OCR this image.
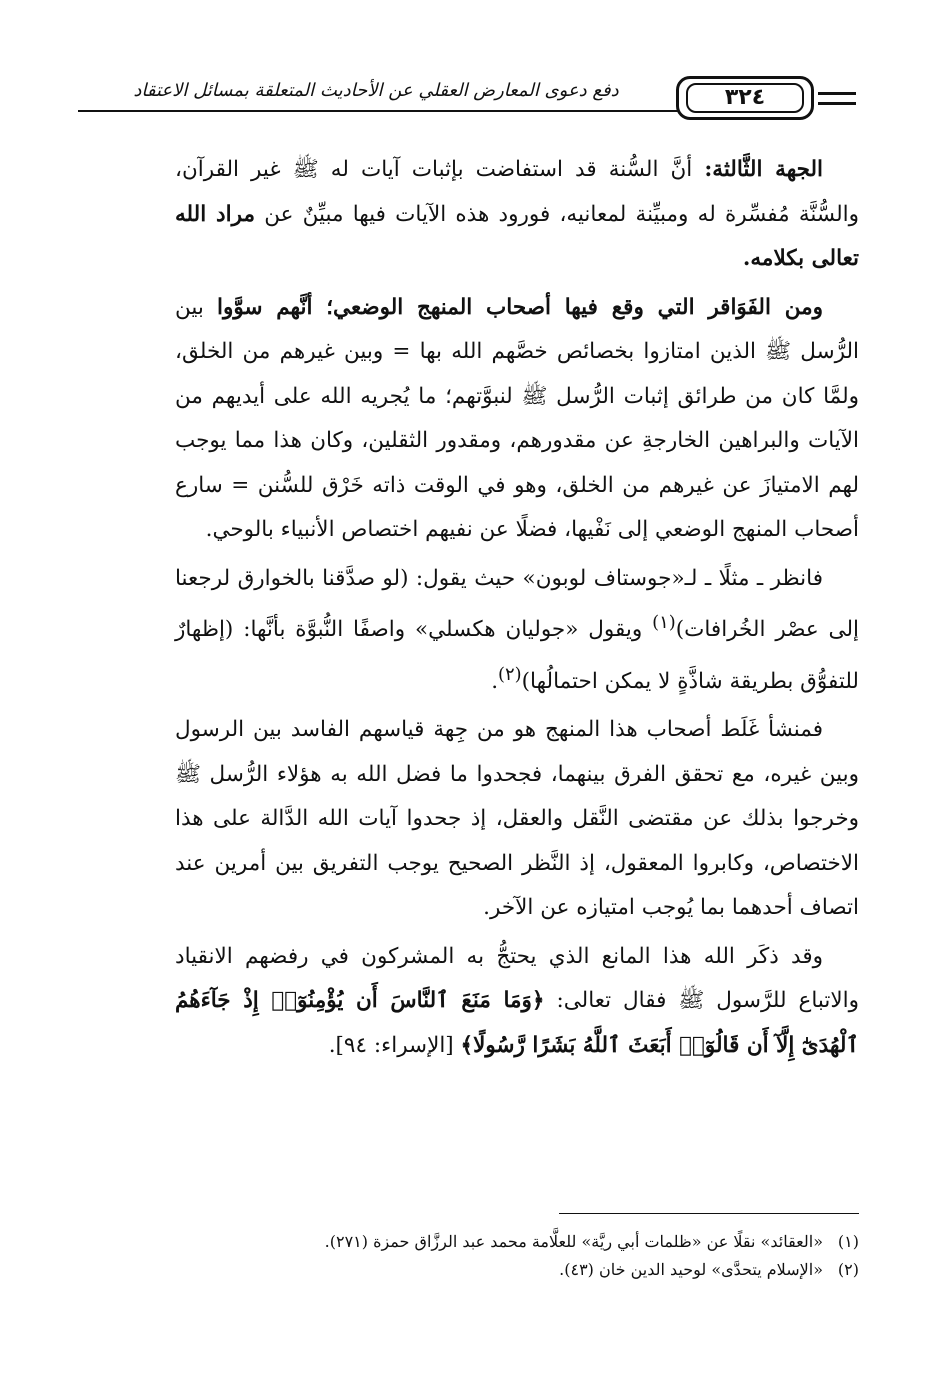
٣٢٤
دفع دعوى المعارض العقلي عن الأحاديث المتعلقة بمسائل الاعتقاد

الجهة الثَّالثة: أنَّ السُّنة قد استفاضت بإثبات آيات له ﷺ غير القرآن، والسُّنَّة مُفسِّرة له ومبيِّنة لمعانيه، فورود هذه الآيات فيها مبيِّنٌ عن مراد الله تعالى بكلامه.

ومن الفَوَاقر التي وقع فيها أصحاب المنهج الوضعي؛ أنَّهم سوَّوا بين الرُّسل ﷺ الذين امتازوا بخصائص خصَّهم الله بها = وبين غيرهم من الخلق، ولمَّا كان من طرائق إثبات الرُّسل ﷺ لنبوَّتهم؛ ما يُجريه الله على أيديهم من الآيات والبراهين الخارجةِ عن مقدورهم، ومقدور الثقلين، وكان هذا مما يوجب لهم الامتيازَ عن غيرهم من الخلق، وهو في الوقت ذاته خَرْق للسُّنن = سارع أصحاب المنهج الوضعي إلى نَفْيها، فضلًا عن نفيهم اختصاص الأنبياء بالوحي.

فانظر ـ مثلًا ـ لـ«جوستاف لوبون» حيث يقول: (لو صدَّقنا بالخوارق لرجعنا إلى عصْر الخُرافات)$^{(١)}$ ويقول «جوليان هكسلي» واصفًا النُّبوَّة بأنَّها: (إظهارٌ للتفوُّق بطريقة شاذَّةٍ لا يمكن احتمالُها)$^{(٢)}$.

فمنشأ غَلَط أصحاب هذا المنهج هو من جِهة قياسهم الفاسد بين الرسول وبين غيره، مع تحقق الفرق بينهما، فجحدوا ما فضل الله به هؤلاء الرُّسل ﷺ وخرجوا بذلك عن مقتضى النَّقل والعقل، إذ جحدوا آيات الله الدَّالة على هذا الاختصاص، وكابروا المعقول، إذ النَّظر الصحيح يوجب التفريق بين أمرين عند اتصاف أحدهما بما يُوجب امتيازه عن الآخر.

وقد ذكَر الله هذا المانع الذي يحتجُّ به المشركون في رفضهم الانقياد والاتباع للرَّسول ﷺ فقال تعالى: ﴿وَمَا مَنَعَ ٱلنَّاسَ أَن يُؤْمِنُوٓا۟ إِذْ جَآءَهُمُ ٱلْهُدَىٰٓ إِلَّآ أَن قَالُوٓا۟ أَبَعَثَ ٱللَّهُ بَشَرًا رَّسُولًا﴾ [الإسراء: ٩٤].

(١)«العقائد» نقلًا عن «ظلمات أبي ريَّة» للعلَّامة محمد عبد الرزَّاق حمزة (٢٧١).

(٢)«الإسلام يتحدَّى» لوحيد الدين خان (٤٣).
